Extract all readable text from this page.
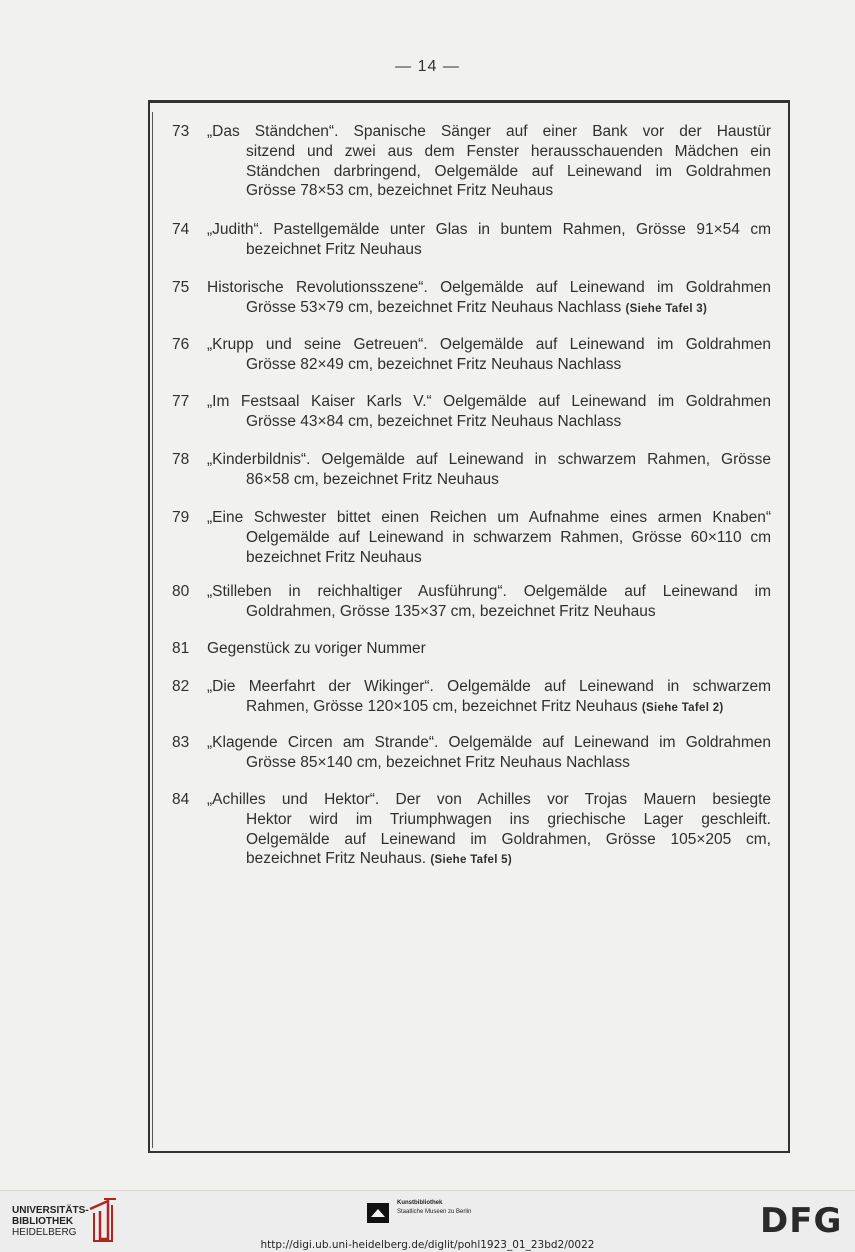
— 14 —
73 „Das Ständchen“. Spanische Sänger auf einer Bank vor der Haustür
sitzend und zwei aus dem Fenster herausschauenden Mädchen ein
Ständchen darbringend, Oelgemälde auf Leinewand im Goldrahmen
Grösse 78×53 cm, bezeichnet Fritz Neuhaus
74 „Judith“. Pastellgemälde unter Glas in buntem Rahmen, Grösse 91×54 cm
bezeichnet Fritz Neuhaus
75 Historische Revolutionsszene“. Oelgemälde auf Leinewand im Goldrahmen
Grösse 53×79 cm, bezeichnet Fritz Neuhaus Nachlass (Siehe Tafel 3)
76 „Krupp und seine Getreuen“. Oelgemälde auf Leinewand im Goldrahmen
Grösse 82×49 cm, bezeichnet Fritz Neuhaus Nachlass
77 „Im Festsaal Kaiser Karls V.“ Oelgemälde auf Leinewand im Goldrahmen
Grösse 43×84 cm, bezeichnet Fritz Neuhaus Nachlass
78 „Kinderbildnis“. Oelgemälde auf Leinewand in schwarzem Rahmen, Grösse
86×58 cm, bezeichnet Fritz Neuhaus
79 „Eine Schwester bittet einen Reichen um Aufnahme eines armen Knaben“
Oelgemälde auf Leinewand in schwarzem Rahmen, Grösse 60×110 cm
bezeichnet Fritz Neuhaus
80 „Stilleben in reichhaltiger Ausführung“. Oelgemälde auf Leinewand im
Goldrahmen, Grösse 135×37 cm, bezeichnet Fritz Neuhaus
81 Gegenstück zu voriger Nummer
82 „Die Meerfahrt der Wikinger“. Oelgemälde auf Leinewand in schwarzem
Rahmen, Grösse 120×105 cm, bezeichnet Fritz Neuhaus (Siehe Tafel 2)
83 „Klagende Circen am Strande“. Oelgemälde auf Leinewand im Goldrahmen
Grösse 85×140 cm, bezeichnet Fritz Neuhaus Nachlass
84 „Achilles und Hektor“. Der von Achilles vor Trojas Mauern besiegte
Hektor wird im Triumphwagen ins griechische Lager geschleift.
Oelgemälde auf Leinewand im Goldrahmen, Grösse 105×205 cm,
bezeichnet Fritz Neuhaus. (Siehe Tafel 5)
UNIVERSITÄTS-
BIBLIOTHEK
HEIDELBERG
Kunstbibliothek
Staatliche Museen zu Berlin	DFG
http://digi.ub.uni-heidelberg.de/diglit/pohl1923_01_23bd2/0022
